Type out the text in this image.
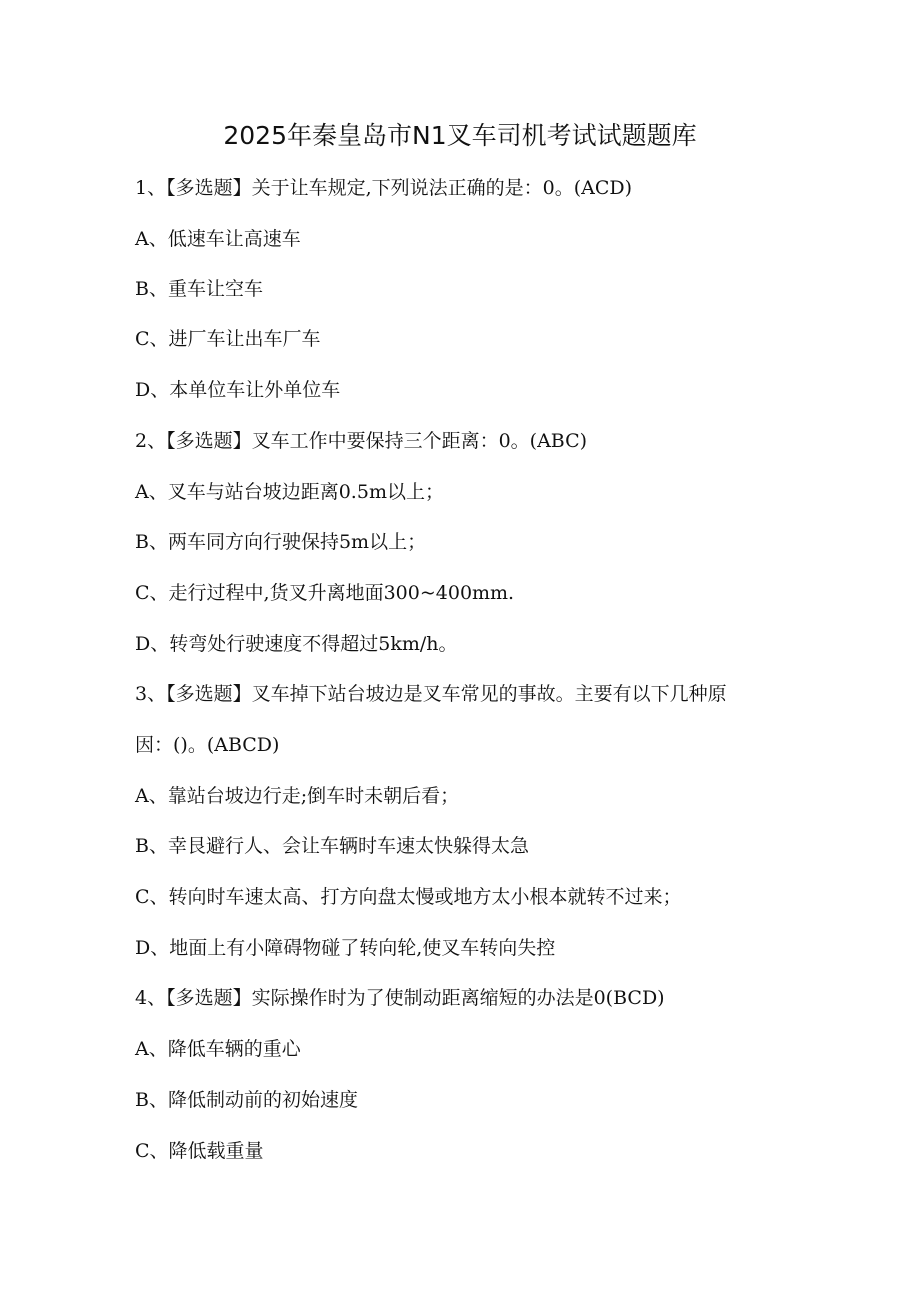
2025年秦皇岛市N1叉车司机考试试题题库
1、【多选题】关于让车规定,下列说法正确的是：0。(ACD)
A、低速车让高速车
B、重车让空车
C、进厂车让出车厂车
D、本单位车让外单位车
2、【多选题】叉车工作中要保持三个距离：0。(ABC)
A、叉车与站台坡边距离0.5m以上；
B、两车同方向行驶保持5m以上；
C、走行过程中,货叉升离地面300~400mm.
D、转弯处行驶速度不得超过5km/h。
3、【多选题】叉车掉下站台坡边是叉车常见的事故。主要有以下几种原
因：()。(ABCD)
A、靠站台坡边行走;倒车时未朝后看；
B、幸艮避行人、会让车辆时车速太快躲得太急
C、转向时车速太高、打方向盘太慢或地方太小根本就转不过来；
D、地面上有小障碍物碰了转向轮,使叉车转向失控
4、【多选题】实际操作时为了使制动距离缩短的办法是0(BCD)
A、降低车辆的重心
B、降低制动前的初始速度
C、降低载重量
